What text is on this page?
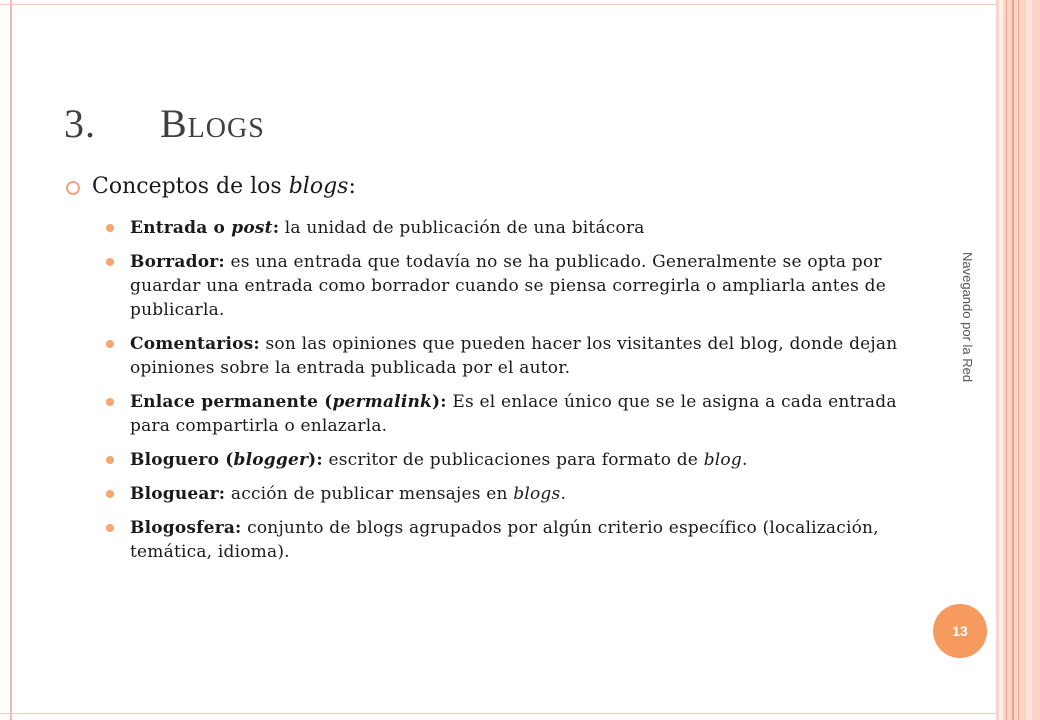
3. Blogs
Conceptos de los blogs:
Entrada o post: la unidad de publicación de una bitácora
Borrador: es una entrada que todavía no se ha publicado. Generalmente se opta por guardar una entrada como borrador cuando se piensa corregirla o ampliarla antes de publicarla.
Comentarios: son las opiniones que pueden hacer los visitantes del blog, donde dejan opiniones sobre la entrada publicada por el autor.
Enlace permanente (permalink): Es el enlace único que se le asigna a cada entrada para compartirla o enlazarla.
Bloguero (blogger): escritor de publicaciones para formato de blog.
Bloguear: acción de publicar mensajes en blogs.
Blogosfera: conjunto de blogs agrupados por algún criterio específico (localización, temática, idioma).
Navegando por la Red
13
